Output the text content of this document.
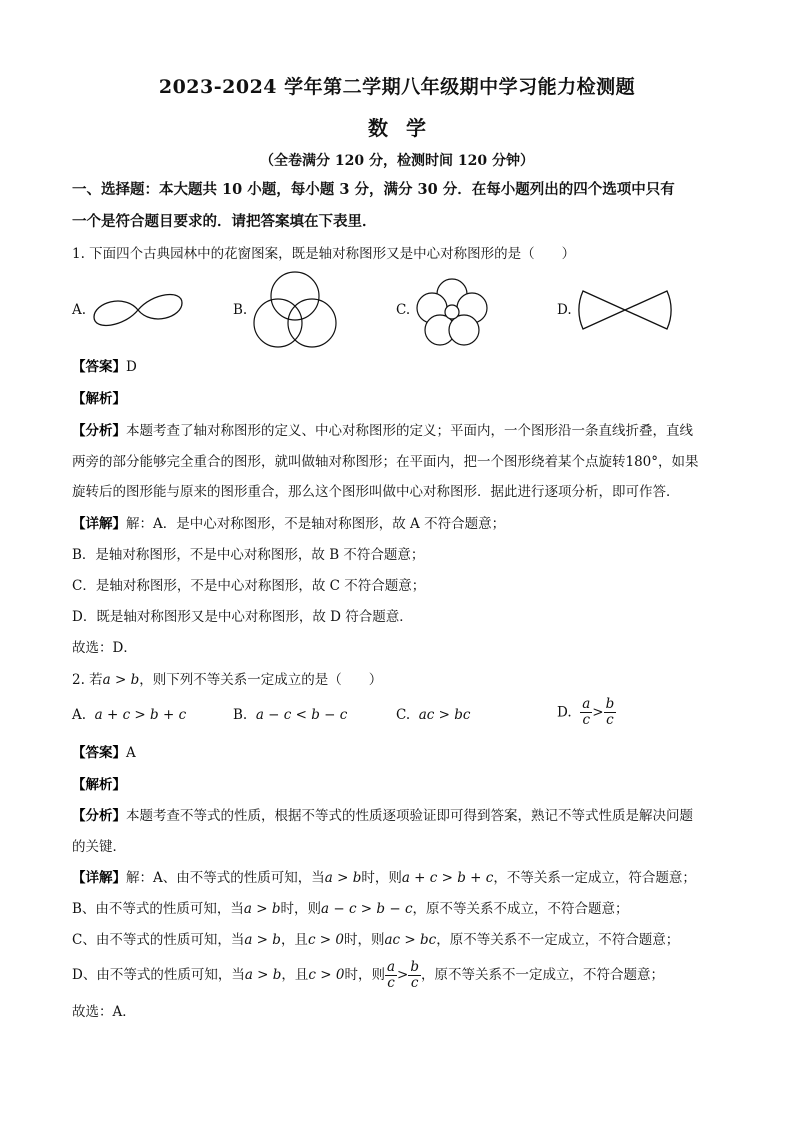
2023-2024 学年第二学期八年级期中学习能力检测题
数学
（全卷满分 120 分，检测时间 120 分钟）
一、选择题：本大题共 10 小题，每小题 3 分，满分 30 分．在每小题列出的四个选项中只有
一个是符合题目要求的．请把答案填在下表里．
1. 下面四个古典园林中的花窗图案，既是轴对称图形又是中心对称图形的是（　　）
A.	B.	C.	D.
【答案】D
【解析】
【分析】本题考查了轴对称图形的定义、中心对称图形的定义；平面内，一个图形沿一条直线折叠，直线
两旁的部分能够完全重合的图形，就叫做轴对称图形；在平面内，把一个图形绕着某个点旋转180°，如果
旋转后的图形能与原来的图形重合，那么这个图形叫做中心对称图形．据此进行逐项分析，即可作答．
【详解】解：A．是中心对称图形，不是轴对称图形，故 A 不符合题意；
B．是轴对称图形，不是中心对称图形，故 B 不符合题意；
C．是轴对称图形，不是中心对称图形，故 C 不符合题意；
D．既是轴对称图形又是中心对称图形，故 D 符合题意．
故选：D．
2. 若a > b，则下列不等关系一定成立的是（　　）
A. a + c > b + c	B. a − c < b − c	C. ac > bc	D. $\frac{a}{c} > \frac{b}{c}$
【答案】A
【解析】
【分析】本题考查不等式的性质，根据不等式的性质逐项验证即可得到答案，熟记不等式性质是解决问题
的关键．
【详解】解：A、由不等式的性质可知，当a > b时，则a + c > b + c，不等关系一定成立，符合题意；
B、由不等式的性质可知，当a > b时，则a − c > b − c，原不等关系不成立，不符合题意；
C、由不等式的性质可知，当a > b，且c > 0时，则ac > bc，原不等关系不一定成立，不符合题意；
D、由不等式的性质可知，当a > b，且c > 0时，则 $\frac{a}{c} > \frac{b}{c}$ ，原不等关系不一定成立，不符合题意；
故选：A．
